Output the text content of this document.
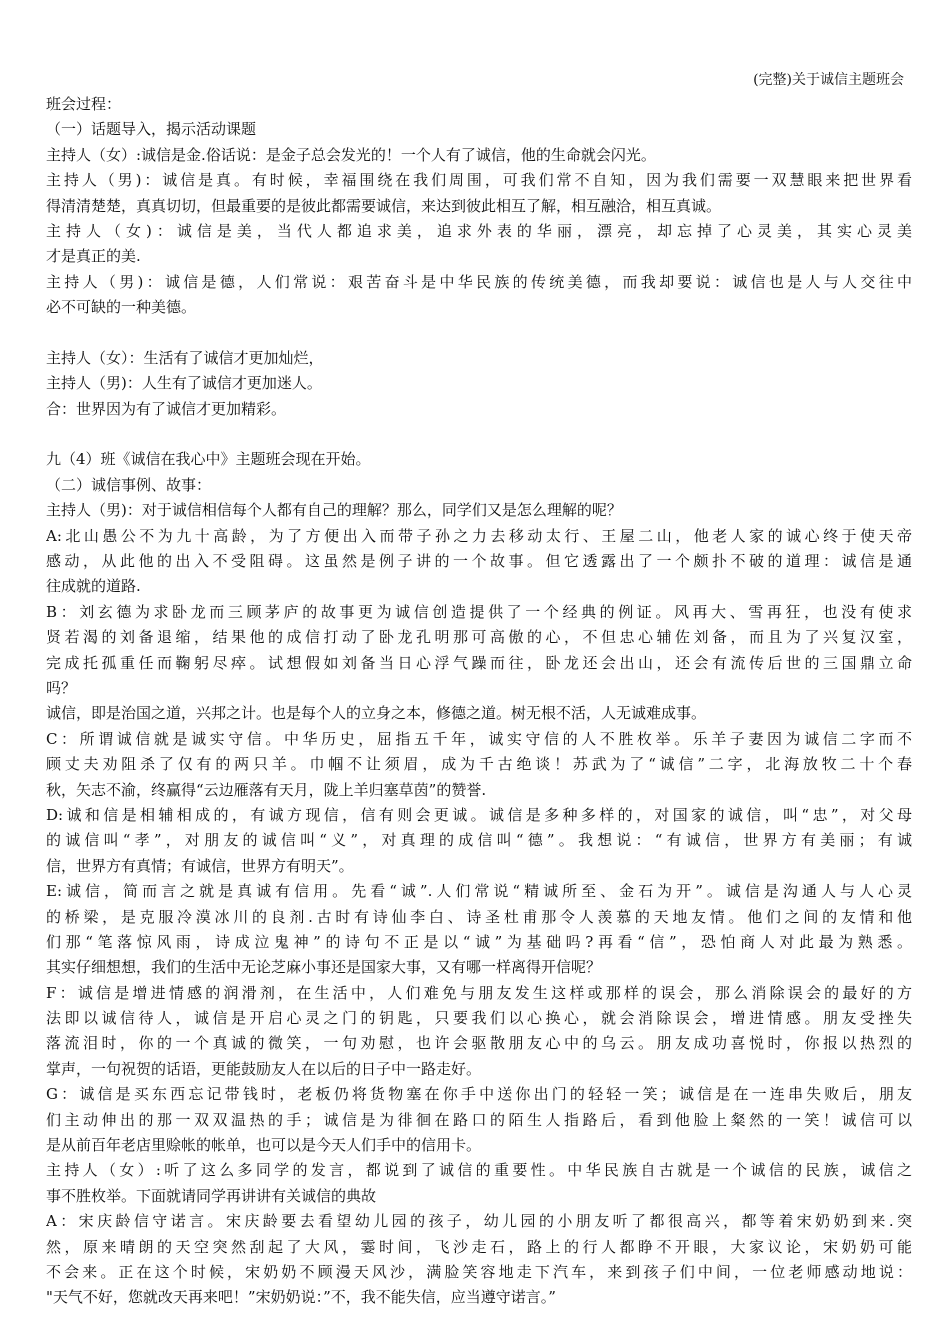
(完整)关于诚信主题班会
班会过程：
（一）话题导入，揭示活动课题
主持人（女）:诚信是金.俗话说：是金子总会发光的！一个人有了诚信，他的生命就会闪光。
主持人（男)：诚信是真。有时候，幸福围绕在我们周围，可我们常不自知，因为我们需要一双慧眼来把世界看
得清清楚楚，真真切切，但最重要的是彼此都需要诚信，来达到彼此相互了解，相互融洽，相互真诚。
主持人（女)：诚信是美，当代人都追求美，追求外表的华丽，漂亮，却忘掉了心灵美，其实心灵美
才是真正的美.
主持人（男)：诚信是德，人们常说：艰苦奋斗是中华民族的传统美德，而我却要说：诚信也是人与人交往中
必不可缺的一种美德。
主持人（女）：生活有了诚信才更加灿烂，
主持人（男)：人生有了诚信才更加迷人。
合：世界因为有了诚信才更加精彩。
九（4）班《诚信在我心中》主题班会现在开始。
（二）诚信事例、故事：
主持人（男)：对于诚信相信每个人都有自己的理解？那么，同学们又是怎么理解的呢？
A:北山愚公不为九十高龄，为了方便出入而带子孙之力去移动太行、王屋二山，他老人家的诚心终于使天帝
感动，从此他的出入不受阻碍。这虽然是例子讲的一个故事。但它透露出了一个颇扑不破的道理：诚信是通
往成就的道路.
B：刘玄德为求卧龙而三顾茅庐的故事更为诚信创造提供了一个经典的例证。风再大、雪再狂，也没有使求
贤若渴的刘备退缩，结果他的成信打动了卧龙孔明那可高傲的心，不但忠心辅佐刘备，而且为了兴复汉室，
完成托孤重任而鞠躬尽瘁。试想假如刘备当日心浮气躁而往，卧龙还会出山，还会有流传后世的三国鼎立命
吗？
诚信，即是治国之道，兴邦之计。也是每个人的立身之本，修德之道。树无根不活，人无诚难成事。
C：所谓诚信就是诚实守信。中华历史，屈指五千年，诚实守信的人不胜枚举。乐羊子妻因为诚信二字而不
顾丈夫劝阻杀了仅有的两只羊。巾帼不让须眉，成为千古绝谈！苏武为了“诚信”二字，北海放牧二十个春
秋，矢志不渝，终赢得“云边雁落有天月，陇上羊归塞草茵”的赞誉.
D:诚和信是相辅相成的，有诚方现信，信有则会更诚。诚信是多种多样的，对国家的诚信，叫“忠”，对父母
的诚信叫“孝”，对朋友的诚信叫“义”，对真理的成信叫“德”。我想说：“有诚信，世界方有美丽；有诚
信，世界方有真情；有诚信，世界方有明天”。
E:诚信，简而言之就是真诚有信用。先看“诚”.人们常说“精诚所至、金石为开”。诚信是沟通人与人心灵
的桥梁，是克服冷漠冰川的良剂.古时有诗仙李白、诗圣杜甫那令人羡慕的天地友情。他们之间的友情和他
们那“笔落惊风雨，诗成泣鬼神”的诗句不正是以“诚”为基础吗?再看“信”，恐怕商人对此最为熟悉。
其实仔细想想，我们的生活中无论芝麻小事还是国家大事，又有哪一样离得开信呢？
F：诚信是增进情感的润滑剂，在生活中，人们难免与朋友发生这样或那样的误会，那么消除误会的最好的方
法即以诚信待人，诚信是开启心灵之门的钥匙，只要我们以心换心，就会消除误会，增进情感。朋友受挫失
落流泪时，你的一个真诚的微笑，一句劝慰，也许会驱散朋友心中的乌云。朋友成功喜悦时，你报以热烈的
掌声，一句祝贺的话语，更能鼓励友人在以后的日子中一路走好。
G：诚信是买东西忘记带钱时，老板仍将货物塞在你手中送你出门的轻轻一笑；诚信是在一连串失败后，朋友
们主动伸出的那一双双温热的手；诚信是为徘徊在路口的陌生人指路后，看到他脸上粲然的一笑！诚信可以
是从前百年老店里赊帐的帐单，也可以是今天人们手中的信用卡。
主持人（女）:听了这么多同学的发言，都说到了诚信的重要性。中华民族自古就是一个诚信的民族，诚信之
事不胜枚举。下面就请同学再讲讲有关诚信的典故
A：宋庆龄信守诺言。宋庆龄要去看望幼儿园的孩子，幼儿园的小朋友听了都很高兴，都等着宋奶奶到来.突
然，原来晴朗的天空突然刮起了大风，霎时间，飞沙走石，路上的行人都睁不开眼，大家议论，宋奶奶可能
不会来。正在这个时候，宋奶奶不顾漫天风沙，满脸笑容地走下汽车，来到孩子们中间，一位老师感动地说：
"天气不好，您就改天再来吧！”宋奶奶说：”不，我不能失信，应当遵守诺言。”
